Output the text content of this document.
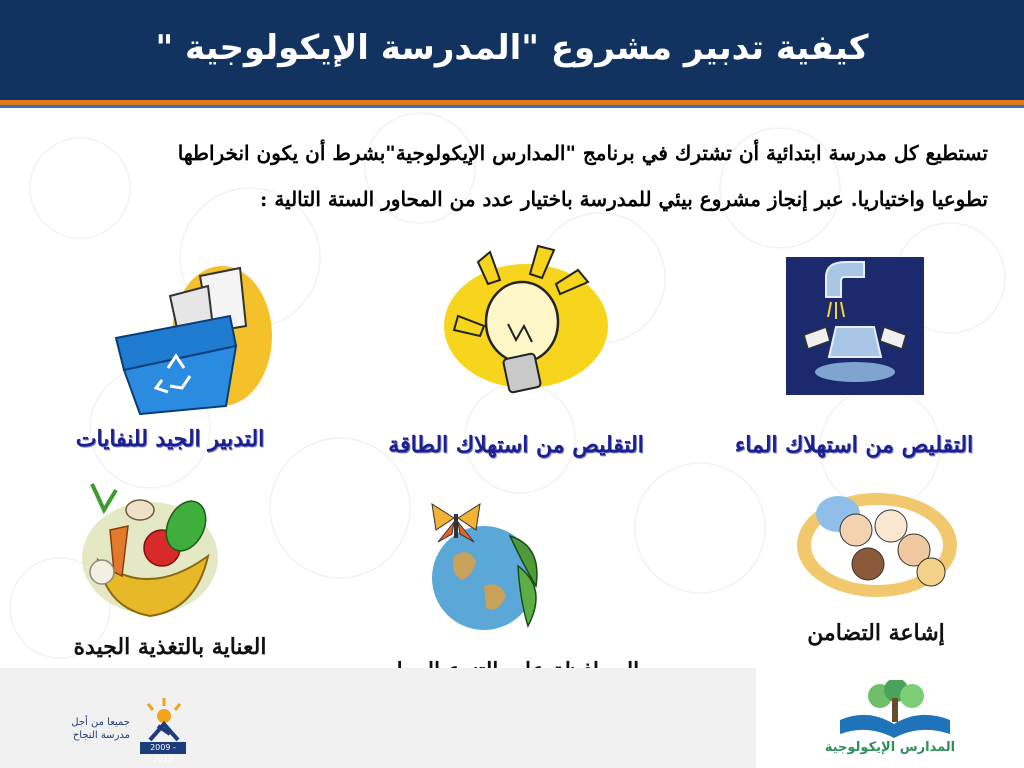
كيفية تدبير مشروع "المدرسة الإيكولوجية "
تستطيع كل مدرسة ابتدائية أن تشترك في برنامج "المدارس الإيكولوجية"بشرط أن يكون انخراطها
تطوعيا واختياريا. عبر إنجاز مشروع بيئي للمدرسة باختيار عدد من المحاور الستة التالية :
التقليص من استهلاك الماء
التقليص من استهلاك الطاقة
التدبير الجيد للنفايات
إشاعة التضامن
العناية بالتغذية الجيدة
جميعا من أجل
مدرسة النجاح
2009 - 2012
المدارس الإيكولوجية
